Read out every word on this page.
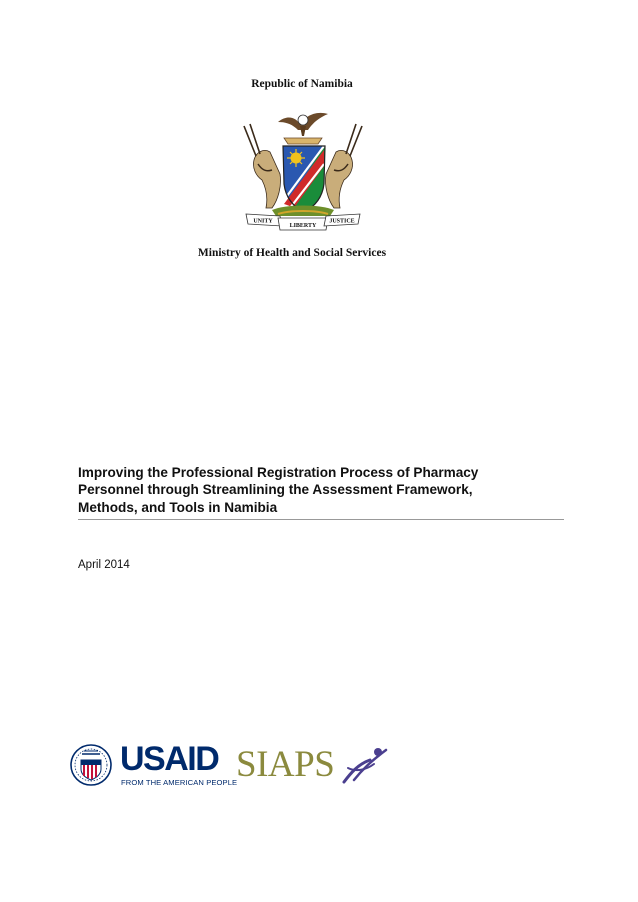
Republic of Namibia
UNITY
LIBERTY
JUSTICE
Ministry of Health and Social Services
Improving the Professional Registration Process of Pharmacy
Personnel through Streamlining the Assessment Framework,
Methods, and Tools in Namibia
April 2014
USAID
FROM THE AMERICAN PEOPLE
SIAPS
